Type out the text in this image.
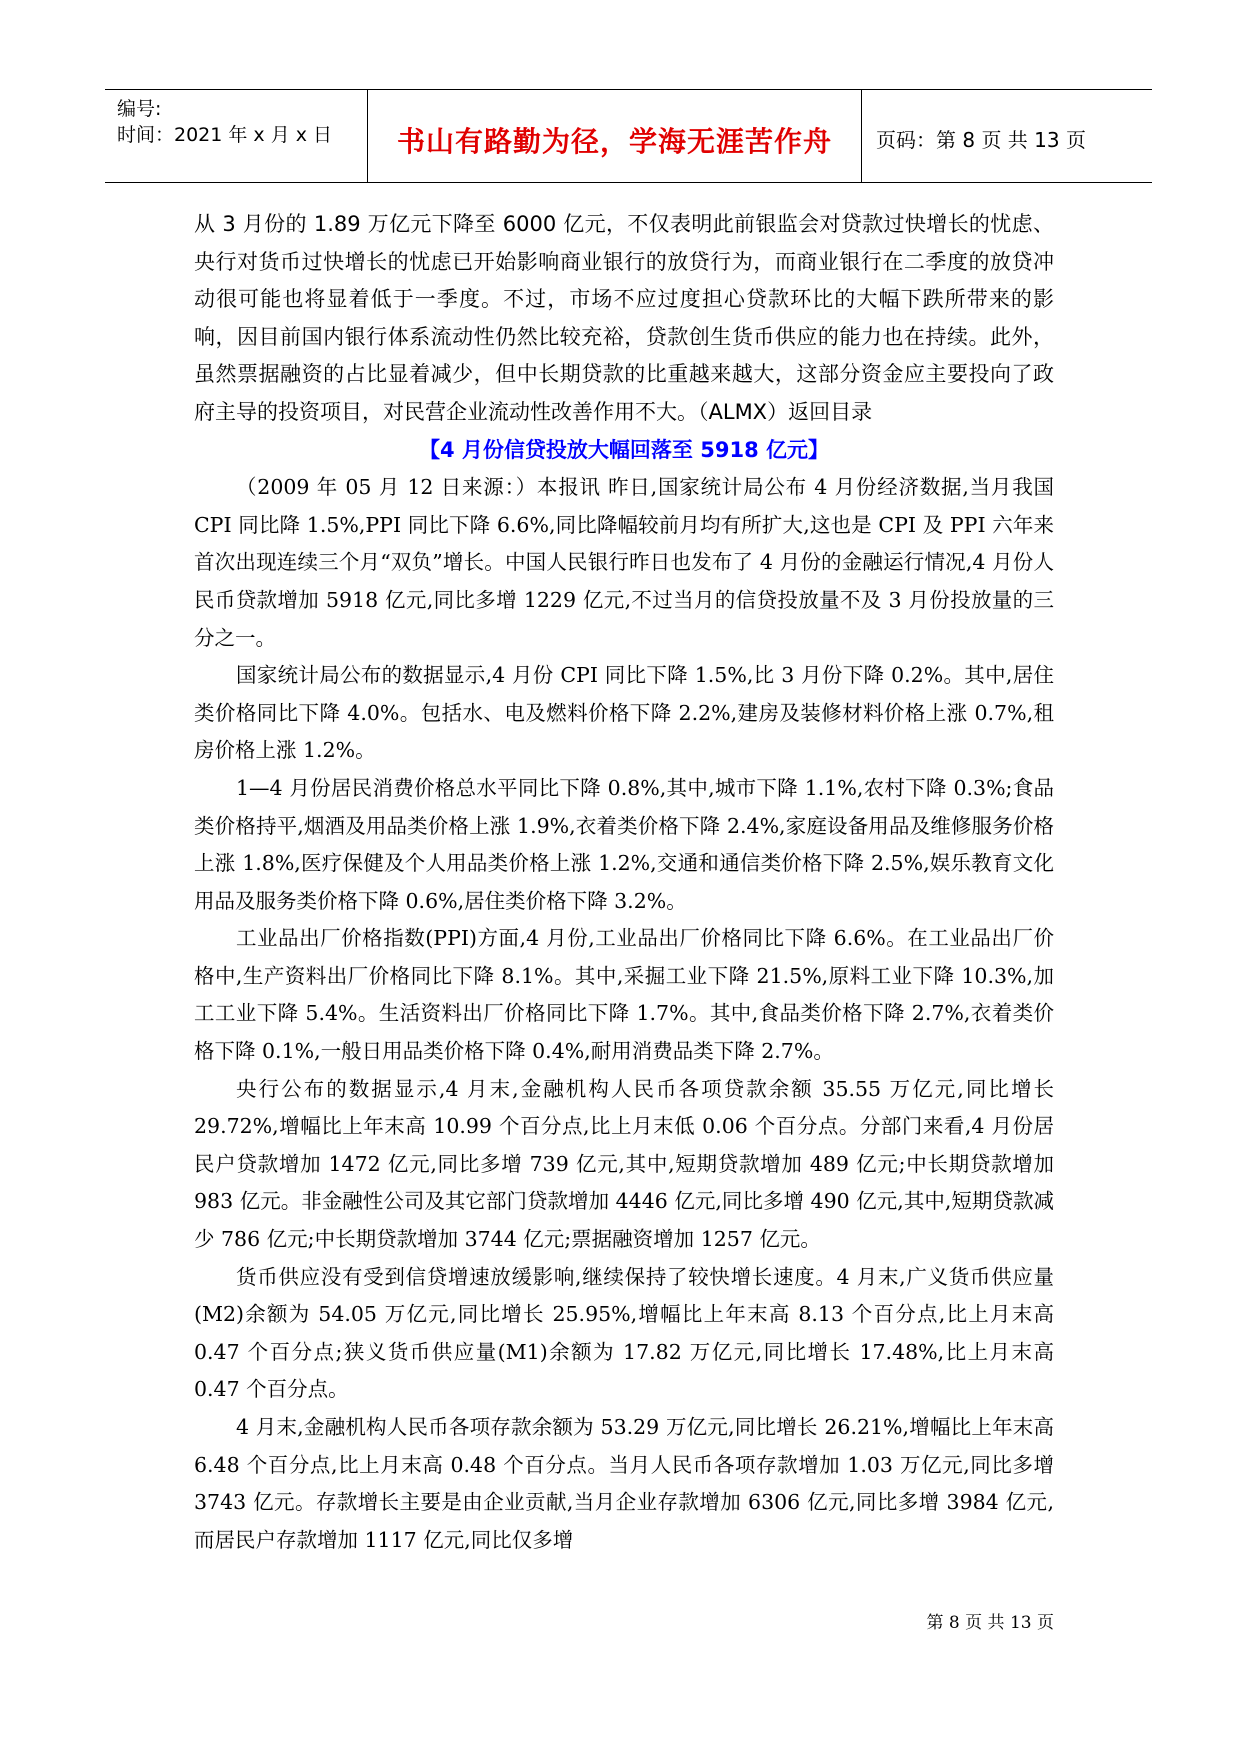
编号:
时间：2021 年 x 月 x 日	书山有路勤为径，学海无涯苦作舟	页码：第 8 页 共 13 页

从 3 月份的 1.89 万亿元下降至 6000 亿元，不仅表明此前银监会对贷款过快增长的忧虑、央行对货币过快增长的忧虑已开始影响商业银行的放贷行为，而商业银行在二季度的放贷冲动很可能也将显着低于一季度。不过，市场不应过度担心贷款环比的大幅下跌所带来的影响，因目前国内银行体系流动性仍然比较充裕，贷款创生货币供应的能力也在持续。此外，虽然票据融资的占比显着减少，但中长期贷款的比重越来越大，这部分资金应主要投向了政府主导的投资项目，对民营企业流动性改善作用不大。（ALMX）返回目录

【4 月份信贷投放大幅回落至 5918 亿元】

（2009 年 05 月 12 日来源：）本报讯 昨日,国家统计局公布 4 月份经济数据,当月我国 CPI 同比降 1.5%,PPI 同比下降 6.6%,同比降幅较前月均有所扩大,这也是 CPI 及 PPI 六年来首次出现连续三个月“双负”增长。中国人民银行昨日也发布了 4 月份的金融运行情况,4 月份人民币贷款增加 5918 亿元,同比多增 1229 亿元,不过当月的信贷投放量不及 3 月份投放量的三分之一。

国家统计局公布的数据显示,4 月份 CPI 同比下降 1.5%,比 3 月份下降 0.2%。其中,居住类价格同比下降 4.0%。包括水、电及燃料价格下降 2.2%,建房及装修材料价格上涨 0.7%,租房价格上涨 1.2%。

1—4 月份居民消费价格总水平同比下降 0.8%,其中,城市下降 1.1%,农村下降 0.3%;食品类价格持平,烟酒及用品类价格上涨 1.9%,衣着类价格下降 2.4%,家庭设备用品及维修服务价格上涨 1.8%,医疗保健及个人用品类价格上涨 1.2%,交通和通信类价格下降 2.5%,娱乐教育文化用品及服务类价格下降 0.6%,居住类价格下降 3.2%。

工业品出厂价格指数(PPI)方面,4 月份,工业品出厂价格同比下降 6.6%。在工业品出厂价格中,生产资料出厂价格同比下降 8.1%。其中,采掘工业下降 21.5%,原料工业下降 10.3%,加工工业下降 5.4%。生活资料出厂价格同比下降 1.7%。其中,食品类价格下降 2.7%,衣着类价格下降 0.1%,一般日用品类价格下降 0.4%,耐用消费品类下降 2.7%。

央行公布的数据显示,4 月末,金融机构人民币各项贷款余额 35.55 万亿元,同比增长 29.72%,增幅比上年末高 10.99 个百分点,比上月末低 0.06 个百分点。分部门来看,4 月份居民户贷款增加 1472 亿元,同比多增 739 亿元,其中,短期贷款增加 489 亿元;中长期贷款增加 983 亿元。非金融性公司及其它部门贷款增加 4446 亿元,同比多增 490 亿元,其中,短期贷款减少 786 亿元;中长期贷款增加 3744 亿元;票据融资增加 1257 亿元。

货币供应没有受到信贷增速放缓影响,继续保持了较快增长速度。4 月末,广义货币供应量(M2)余额为 54.05 万亿元,同比增长 25.95%,增幅比上年末高 8.13 个百分点,比上月末高 0.47 个百分点;狭义货币供应量(M1)余额为 17.82 万亿元,同比增长 17.48%,比上月末高 0.47 个百分点。

4 月末,金融机构人民币各项存款余额为 53.29 万亿元,同比增长 26.21%,增幅比上年末高 6.48 个百分点,比上月末高 0.48 个百分点。当月人民币各项存款增加 1.03 万亿元,同比多增 3743 亿元。存款增长主要是由企业贡献,当月企业存款增加 6306 亿元,同比多增 3984 亿元,而居民户存款增加 1117 亿元,同比仅多增

第 8 页 共 13 页
